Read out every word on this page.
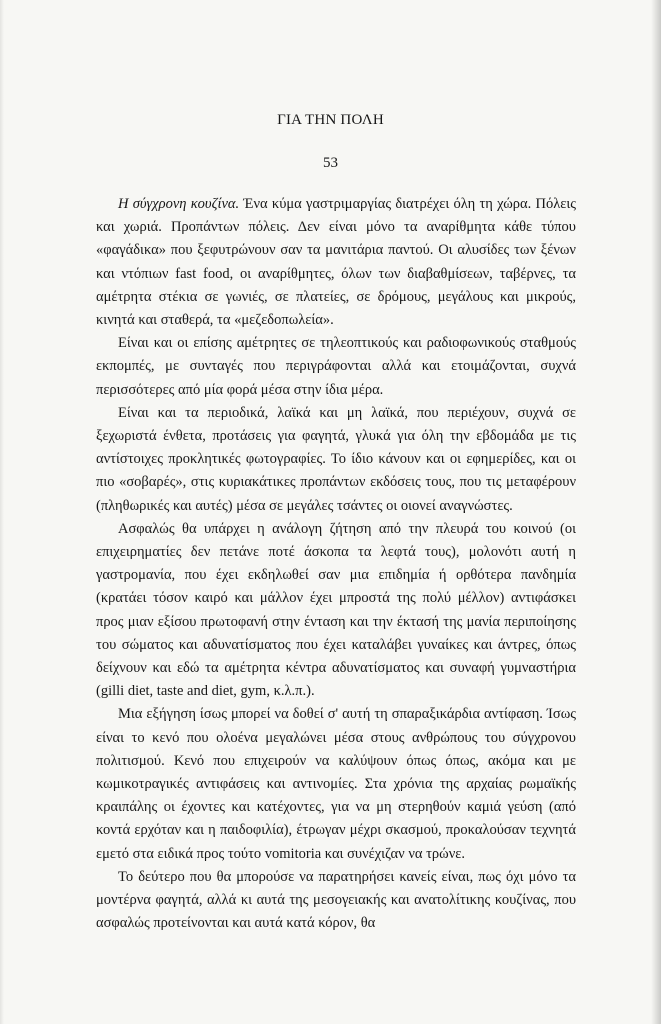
ΓΙΑ ΤΗΝ ΠΟΛΗ
53

Η σύγχρονη κουζίνα. Ένα κύμα γαστριμαργίας διατρέχει όλη τη χώρα. Πόλεις και χωριά. Προπάντων πόλεις. Δεν είναι μόνο τα αναρίθμητα κάθε τύπου «φαγάδικα» που ξεφυτρώνουν σαν τα μανιτάρια παντού. Οι αλυσίδες των ξένων και ντόπιων fast food, οι αναρίθμητες, όλων των διαβαθμίσεων, ταβέρνες, τα αμέτρητα στέκια σε γωνιές, σε πλατείες, σε δρόμους, μεγάλους και μικρούς, κινητά και σταθερά, τα «μεζεδοπωλεία».

Είναι και οι επίσης αμέτρητες σε τηλεοπτικούς και ραδιοφωνικούς σταθμούς εκπομπές, με συνταγές που περιγράφονται αλλά και ετοιμάζονται, συχνά περισσότερες από μία φορά μέσα στην ίδια μέρα.

Είναι και τα περιοδικά, λαϊκά και μη λαϊκά, που περιέχουν, συχνά σε ξεχωριστά ένθετα, προτάσεις για φαγητά, γλυκά για όλη την εβδομάδα με τις αντίστοιχες προκλητικές φωτογραφίες. Το ίδιο κάνουν και οι εφημερίδες, και οι πιο «σοβαρές», στις κυριακάτικες προπάντων εκδόσεις τους, που τις μεταφέρουν (πληθωρικές και αυτές) μέσα σε μεγάλες τσάντες οι οιονεί αναγνώστες.

Ασφαλώς θα υπάρχει η ανάλογη ζήτηση από την πλευρά του κοινού (οι επιχειρηματίες δεν πετάνε ποτέ άσκοπα τα λεφτά τους), μολονότι αυτή η γαστρομανία, που έχει εκδηλωθεί σαν μια επιδημία ή ορθότερα πανδημία (κρατάει τόσον καιρό και μάλλον έχει μπροστά της πολύ μέλλον) αντιφάσκει προς μιαν εξίσου πρωτοφανή στην ένταση και την έκτασή της μανία περιποίησης του σώματος και αδυνατίσματος που έχει καταλάβει γυναίκες και άντρες, όπως δείχνουν και εδώ τα αμέτρητα κέντρα αδυνατίσματος και συναφή γυμναστήρια (gilli diet, taste and diet, gym, κ.λ.π.).

Μια εξήγηση ίσως μπορεί να δοθεί σ' αυτή τη σπαραξικάρδια αντίφαση. Ίσως είναι το κενό που ολοένα μεγαλώνει μέσα στους ανθρώπους του σύγχρονου πολιτισμού. Κενό που επιχειρούν να καλύψουν όπως όπως, ακόμα και με κωμικοτραγικές αντιφάσεις και αντινομίες. Στα χρόνια της αρχαίας ρωμαϊκής κραιπάλης οι έχοντες και κατέχοντες, για να μη στερηθούν καμιά γεύση (από κοντά ερχόταν και η παιδοφιλία), έτρωγαν μέχρι σκασμού, προκαλούσαν τεχνητά εμετό στα ειδικά προς τούτο vomitoria και συνέχιζαν να τρώνε.

Το δεύτερο που θα μπορούσε να παρατηρήσει κανείς είναι, πως όχι μόνο τα μοντέρνα φαγητά, αλλά κι αυτά της μεσογειακής και ανατολίτικης κουζίνας, που ασφαλώς προτείνονται και αυτά κατά κόρον, θα
